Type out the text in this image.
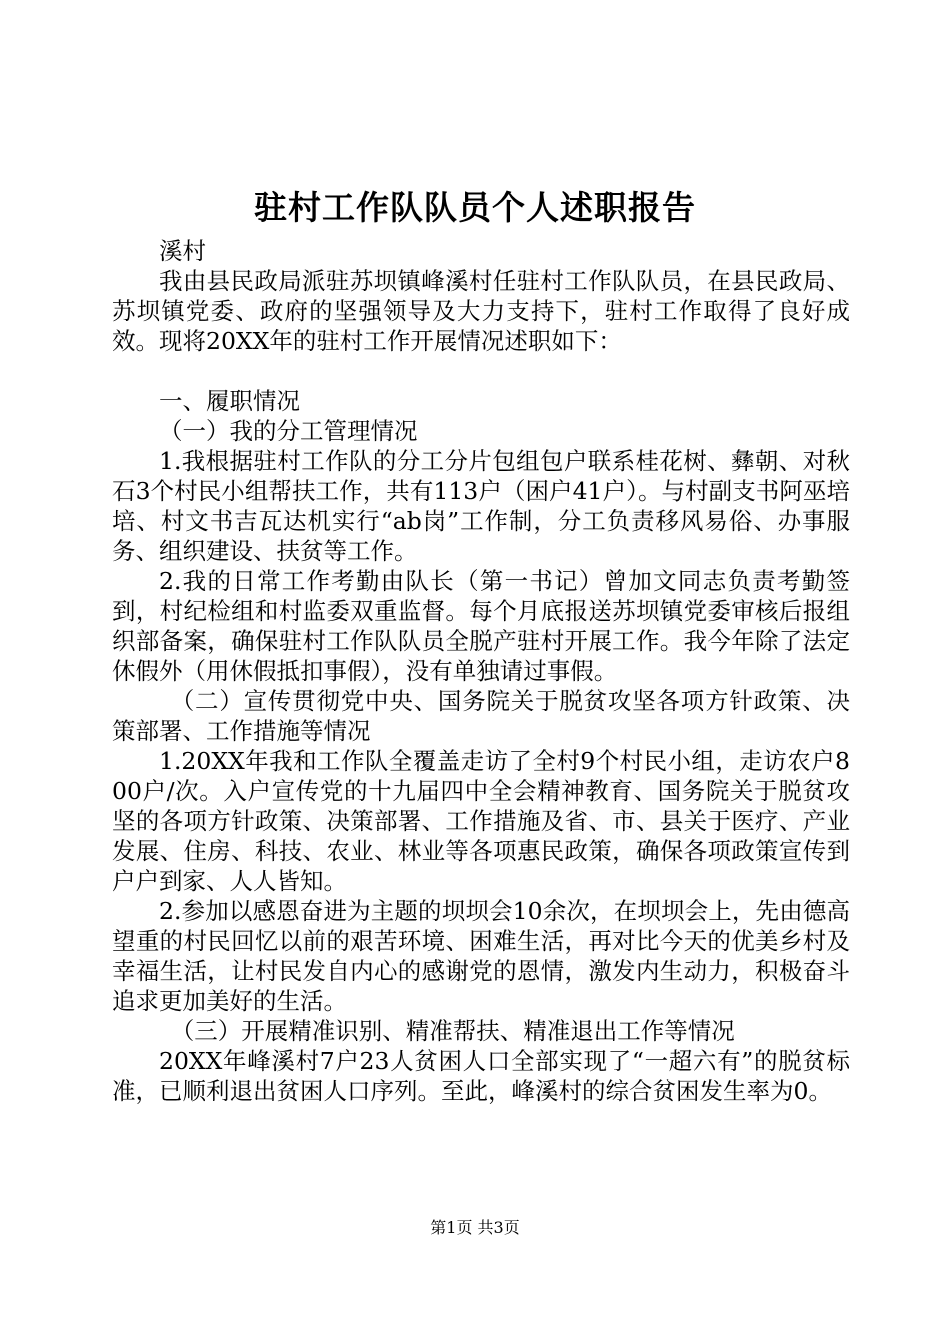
驻村工作队队员个人述职报告

溪村

我由县民政局派驻苏坝镇峰溪村任驻村工作队队员，在县民政局、苏坝镇党委、政府的坚强领导及大力支持下，驻村工作取得了良好成效。现将20XX年的驻村工作开展情况述职如下：

一、履职情况

（一）我的分工管理情况

1.我根据驻村工作队的分工分片包组包户联系桂花树、彝朝、对秋石3个村民小组帮扶工作，共有113户（困户41户）。与村副支书阿巫培培、村文书吉瓦达机实行“ab岗”工作制，分工负责移风易俗、办事服务、组织建设、扶贫等工作。

2.我的日常工作考勤由队长（第一书记）曾加文同志负责考勤签到，村纪检组和村监委双重监督。每个月底报送苏坝镇党委审核后报组织部备案，确保驻村工作队队员全脱产驻村开展工作。我今年除了法定休假外（用休假抵扣事假），没有单独请过事假。

（二）宣传贯彻党中央、国务院关于脱贫攻坚各项方针政策、决策部署、工作措施等情况

1.20XX年我和工作队全覆盖走访了全村9个村民小组，走访农户800户/次。入户宣传党的十九届四中全会精神教育、国务院关于脱贫攻坚的各项方针政策、决策部署、工作措施及省、市、县关于医疗、产业发展、住房、科技、农业、林业等各项惠民政策，确保各项政策宣传到户户到家、人人皆知。

2.参加以感恩奋进为主题的坝坝会10余次，在坝坝会上，先由德高望重的村民回忆以前的艰苦环境、困难生活，再对比今天的优美乡村及幸福生活，让村民发自内心的感谢党的恩情，激发内生动力，积极奋斗追求更加美好的生活。

（三）开展精准识别、精准帮扶、精准退出工作等情况

20XX年峰溪村7户23人贫困人口全部实现了“一超六有”的脱贫标准，已顺利退出贫困人口序列。至此，峰溪村的综合贫困发生率为0。

第1页 共3页
